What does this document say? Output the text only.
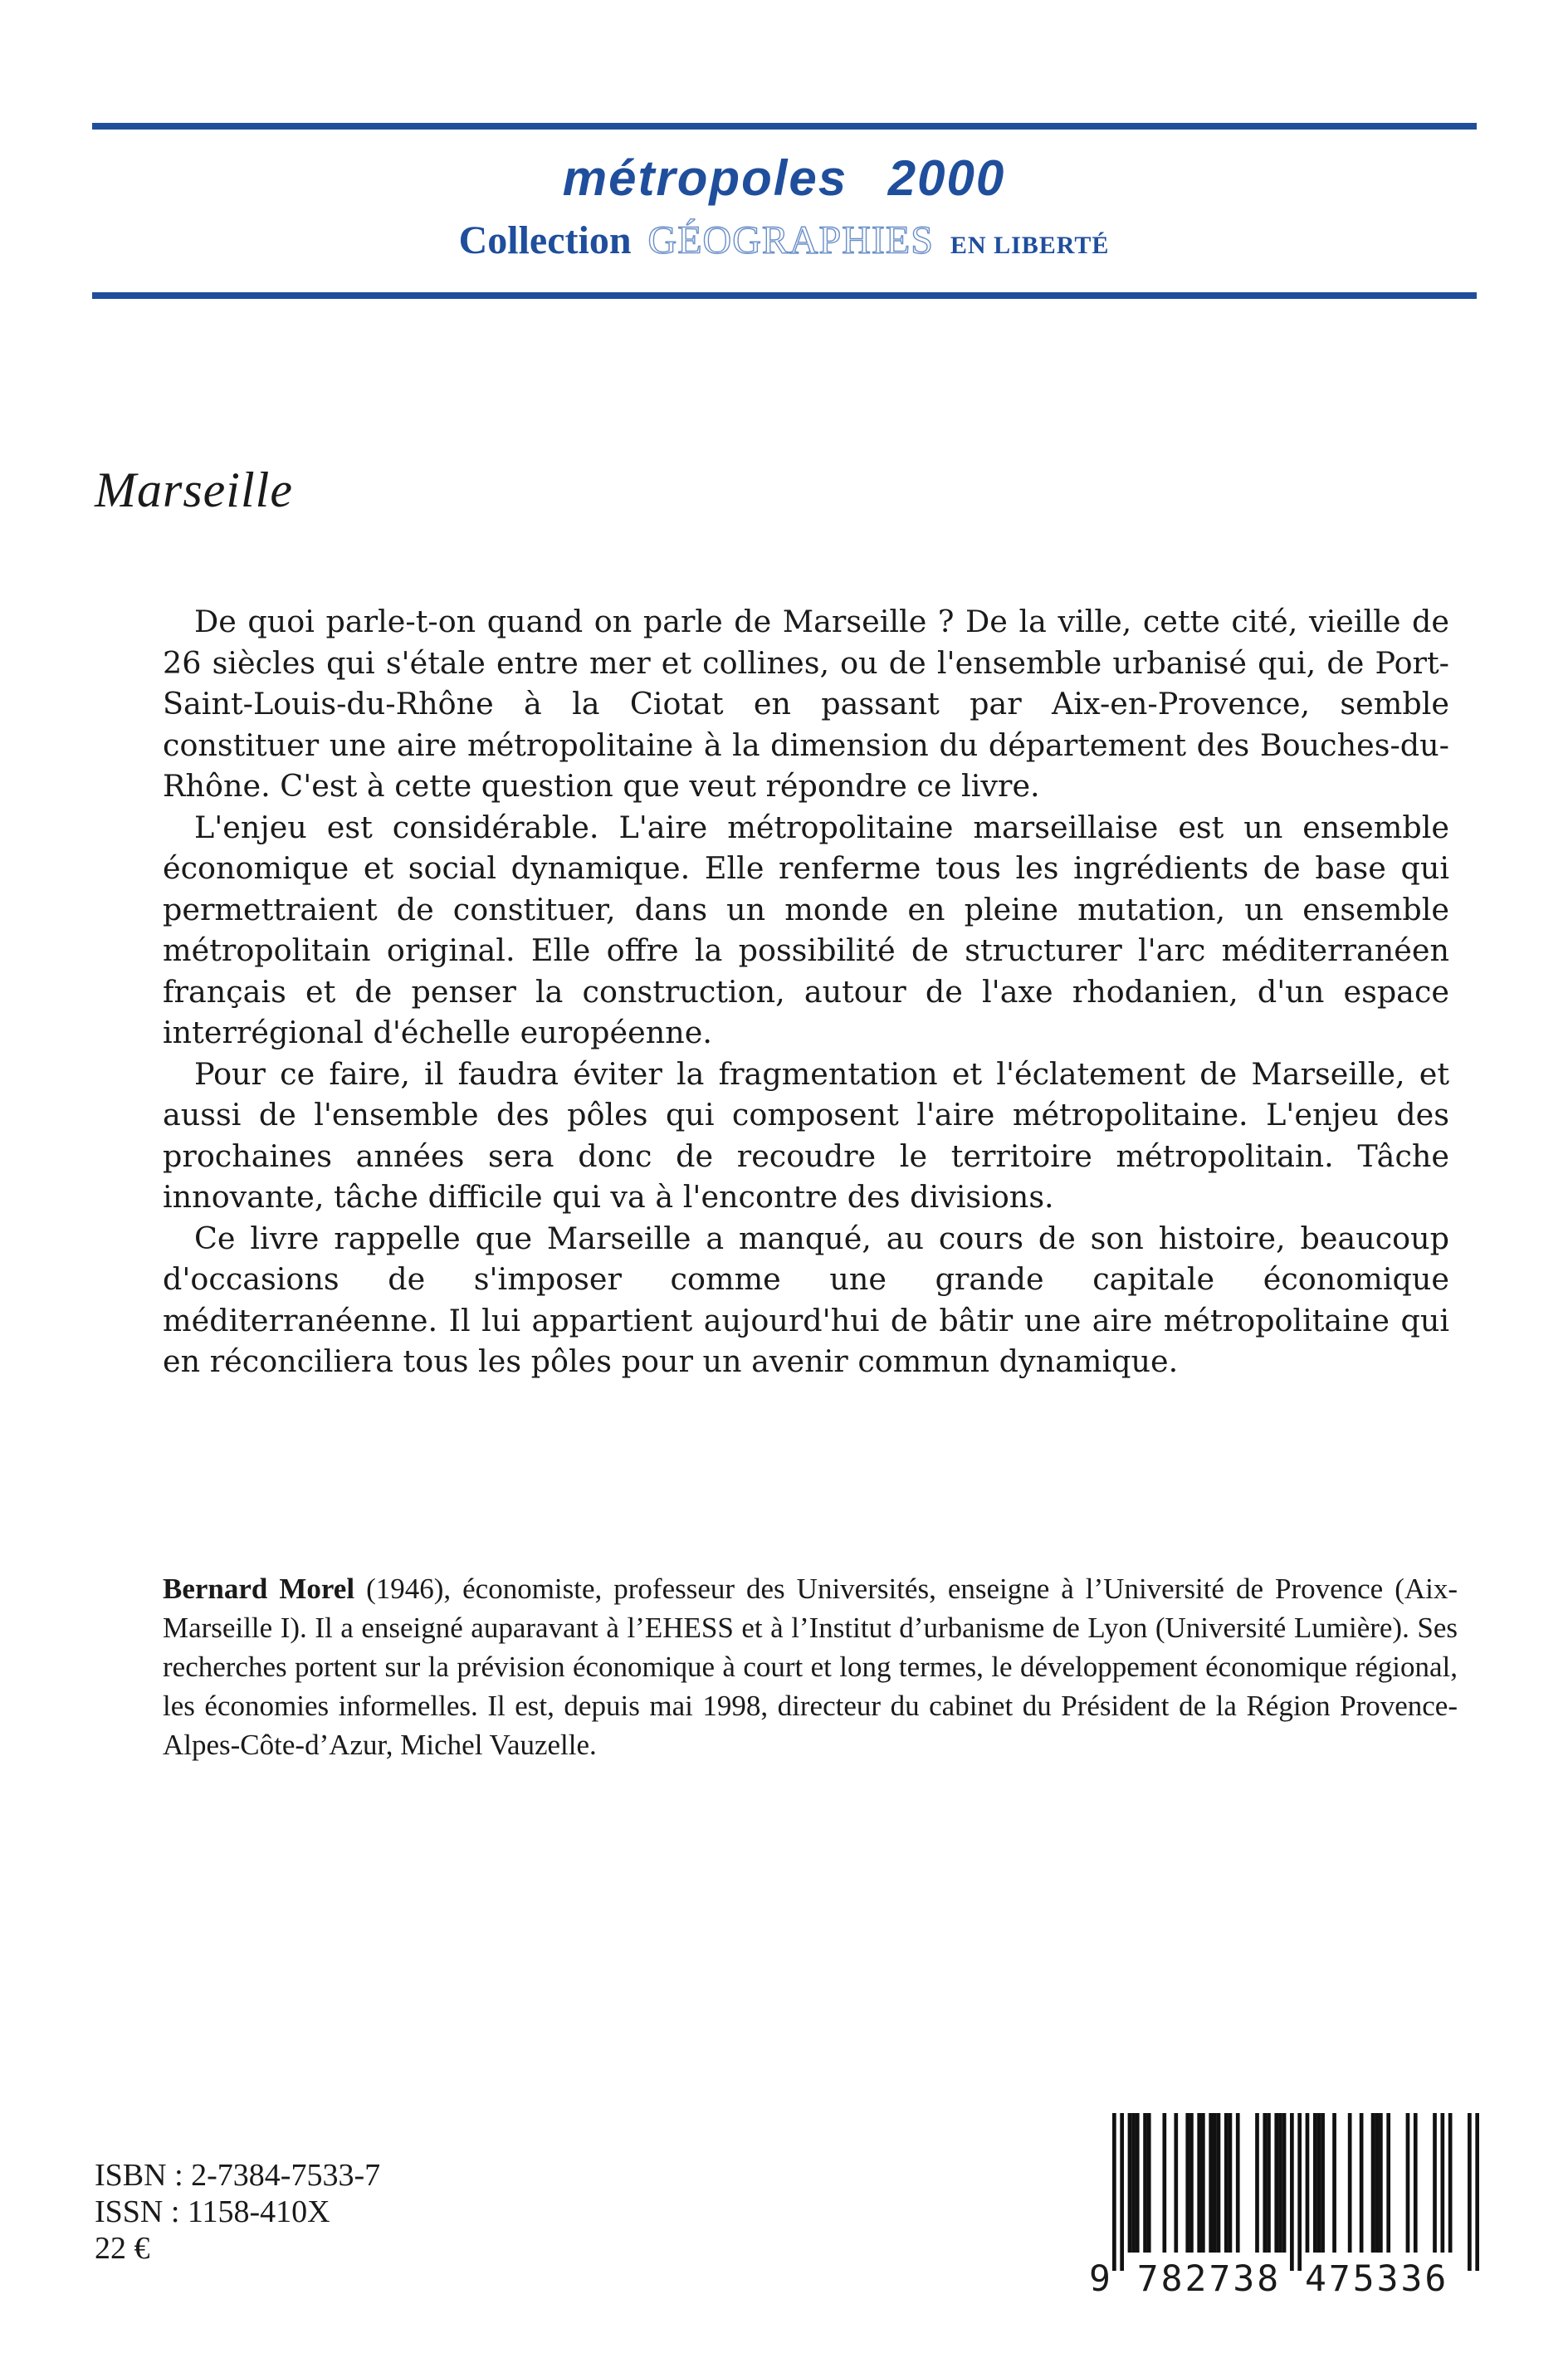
métropoles 2000
Collection GÉOGRAPHIES EN LIBERTÉ
Marseille

De quoi parle-t-on quand on parle de Marseille ? De la ville, cette cité, vieille de 26 siècles qui s'étale entre mer et collines, ou de l'ensemble urbanisé qui, de Port-Saint-Louis-du-Rhône à la Ciotat en passant par Aix-en-Provence, semble constituer une aire métropolitaine à la dimension du département des Bouches-du-Rhône. C'est à cette question que veut répondre ce livre.

L'enjeu est considérable. L'aire métropolitaine marseillaise est un ensemble économique et social dynamique. Elle renferme tous les ingrédients de base qui permettraient de constituer, dans un monde en pleine mutation, un ensemble métropolitain original. Elle offre la possibilité de structurer l'arc méditerranéen français et de penser la construction, autour de l'axe rhodanien, d'un espace interrégional d'échelle européenne.

Pour ce faire, il faudra éviter la fragmentation et l'éclatement de Marseille, et aussi de l'ensemble des pôles qui composent l'aire métropolitaine. L'enjeu des prochaines années sera donc de recoudre le territoire métropolitain. Tâche innovante, tâche difficile qui va à l'encontre des divisions.

Ce livre rappelle que Marseille a manqué, au cours de son histoire, beaucoup d'occasions de s'imposer comme une grande capitale économique méditerranéenne. Il lui appartient aujourd'hui de bâtir une aire métropolitaine qui en réconciliera tous les pôles pour un avenir commun dynamique.

Bernard Morel (1946), économiste, professeur des Universités, enseigne à l’Université de Provence (Aix-Marseille I). Il a enseigné auparavant à l’EHESS et à l’Institut d’urbanisme de Lyon (Université Lumière). Ses recherches portent sur la prévision économique à court et long termes, le développement économique régional, les économies informelles. Il est, depuis mai 1998, directeur du cabinet du Président de la Région Provence-Alpes-Côte-d’Azur, Michel Vauzelle.

ISBN : 2-7384-7533-7
ISSN : 1158-410X
22 €
9 782738 475336
